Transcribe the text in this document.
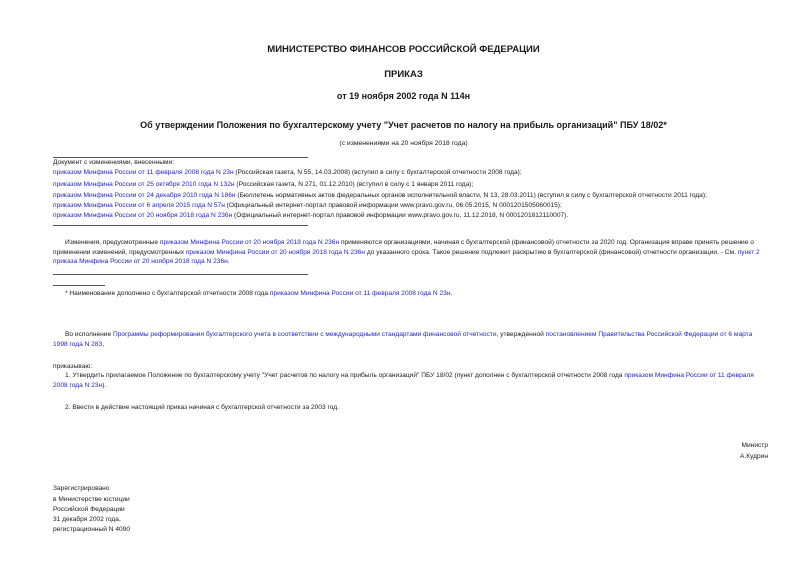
МИНИСТЕРСТВО ФИНАНСОВ РОССИЙСКОЙ ФЕДЕРАЦИИ
ПРИКАЗ
от 19 ноября 2002 года N 114н
Об утверждении Положения по бухгалтерскому учету "Учет расчетов по налогу на прибыль организаций" ПБУ 18/02*
(с изменениями на 20 ноября 2018 года)
Документ с изменениями, внесенными:
приказом Минфина России от 11 февраля 2008 года N 23н (Российская газета, N 55, 14.03.2008) (вступил в силу с бухгалтерской отчетности 2008 года);
приказом Минфина России от 25 октября 2010 года N 132н (Российская газета, N 271, 01.12.2010) (вступил в силу с 1 января 2011 года);
приказом Минфина России от 24 декабря 2010 года N 186н (Бюллетень нормативных актов федеральных органов исполнительной власти, N 13, 28.03.2011) (вступил в силу с бухгалтерской отчетности 2011 года);
приказом Минфина России от 6 апреля 2015 года N 57н (Официальный интернет-портал правовой информации www.pravo.gov.ru, 06.05.2015, N 0001201505060015);
приказом Минфина России от 20 ноября 2018 года N 236н (Официальный интернет-портал правовой информации www.pravo.gov.ru, 11.12.2018, N 0001201812110007).
Изменения, предусмотренные приказом Минфина России от 20 ноября 2018 года N 236н применяются организациями, начиная с бухгалтерской (финансовой) отчетности за 2020 год. Организация вправе принять решение о применении изменений, предусмотренных приказом Минфина России от 20 ноября 2018 года N 236н до указанного срока. Такое решение подлежит раскрытию в бухгалтерской (финансовой) отчетности организации. - См. пункт 2 приказа Минфина России от 20 ноября 2018 года N 236н.
* Наименование дополнено с бухгалтерской отчетности 2008 года приказом Минфина России от 11 февраля 2008 года N 23н.
Во исполнение Программы реформирования бухгалтерского учета в соответствии с международными стандартами финансовой отчетности, утвержденной постановлением Правительства Российской Федерации от 6 марта 1998 года N 283,
приказываю:
1. Утвердить прилагаемое Положение по бухгалтерскому учету "Учет расчетов по налогу на прибыль организаций" ПБУ 18/02 (пункт дополнен с бухгалтерской отчетности 2008 года приказом Минфина России от 11 февраля 2008 года N 23н).
2. Ввести в действие настоящий приказ начиная с бухгалтерской отчетности за 2003 год.
Министр
А.Кудрин
Зарегистрировано
в Министерстве юстиции
Российской Федерации
31 декабря 2002 года,
регистрационный N 4090
